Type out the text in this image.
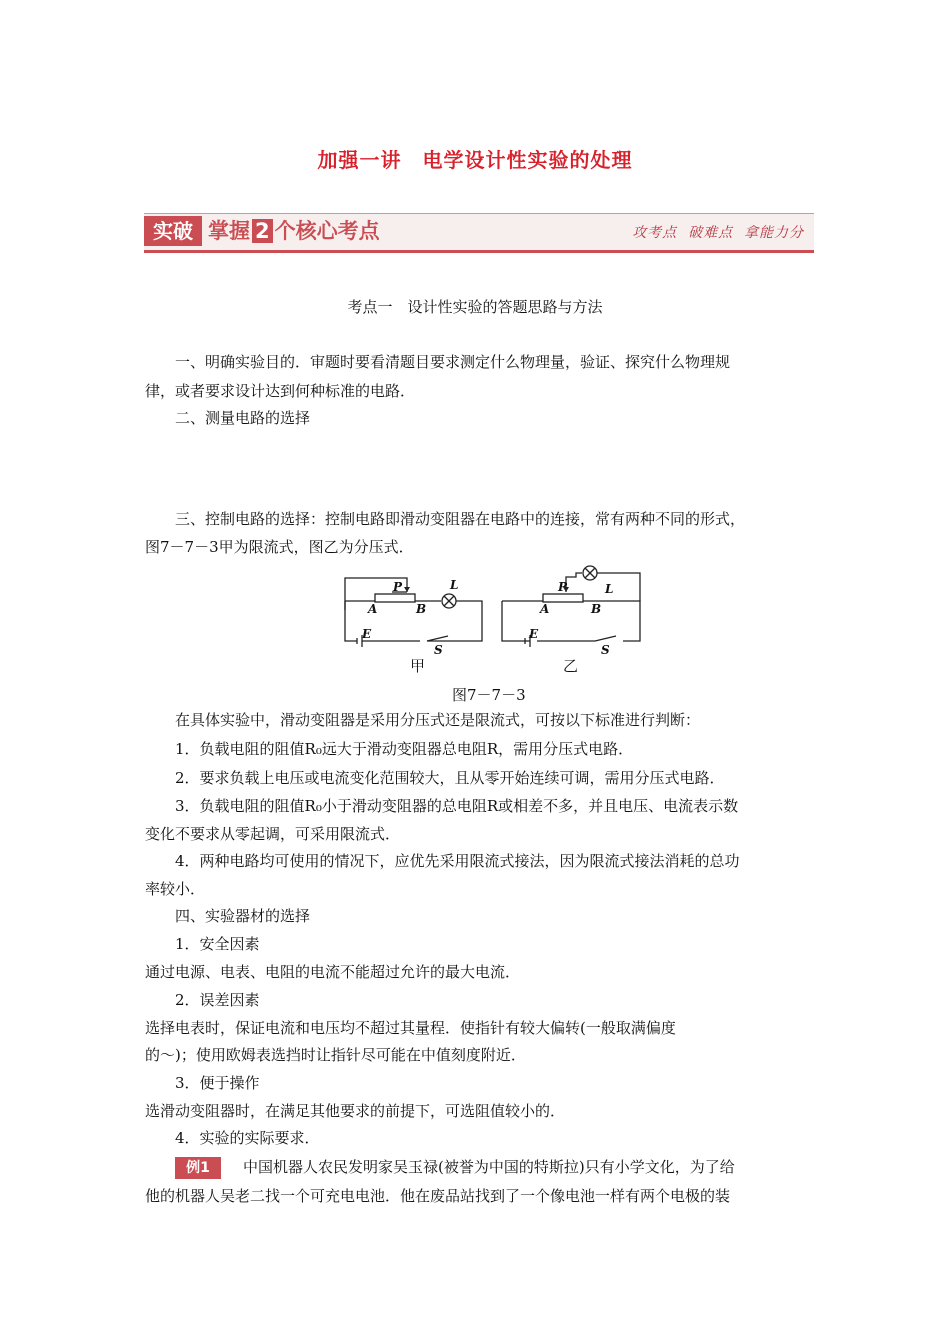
加强一讲　电学设计性实验的处理
实破 掌握 2 个核心考点	攻考点  破难点  拿能力分
考点一　设计性实验的答题思路与方法
一、明确实验目的．审题时要看清题目要求测定什么物理量，验证、探究什么物理规
律，或者要求设计达到何种标准的电路．
二、测量电路的选择
三、控制电路的选择：控制电路即滑动变阻器在电路中的连接，常有两种不同的形式，
图7－7－3甲为限流式，图乙为分压式．
P
A	B
L
E
S
P
A	B
L
E
S
甲	乙
图7－7－3
在具体实验中，滑动变阻器是采用分压式还是限流式，可按以下标准进行判断：
1．负载电阻的阻值R₀远大于滑动变阻器总电阻R，需用分压式电路．
2．要求负载上电压或电流变化范围较大，且从零开始连续可调，需用分压式电路．
3．负载电阻的阻值R₀小于滑动变阻器的总电阻R或相差不多，并且电压、电流表示数
变化不要求从零起调，可采用限流式．
4．两种电路均可使用的情况下，应优先采用限流式接法，因为限流式接法消耗的总功
率较小．
四、实验器材的选择
1．安全因素
通过电源、电表、电阻的电流不能超过允许的最大电流．
2．误差因素
选择电表时，保证电流和电压均不超过其量程．使指针有较大偏转(一般取满偏度
的～)；使用欧姆表选挡时让指针尽可能在中值刻度附近．
3．便于操作
选滑动变阻器时，在满足其他要求的前提下，可选阻值较小的．
4．实验的实际要求．
例1	中国机器人农民发明家吴玉禄(被誉为中国的特斯拉)只有小学文化，为了给
他的机器人吴老二找一个可充电电池．他在废品站找到了一个像电池一样有两个电极的装
